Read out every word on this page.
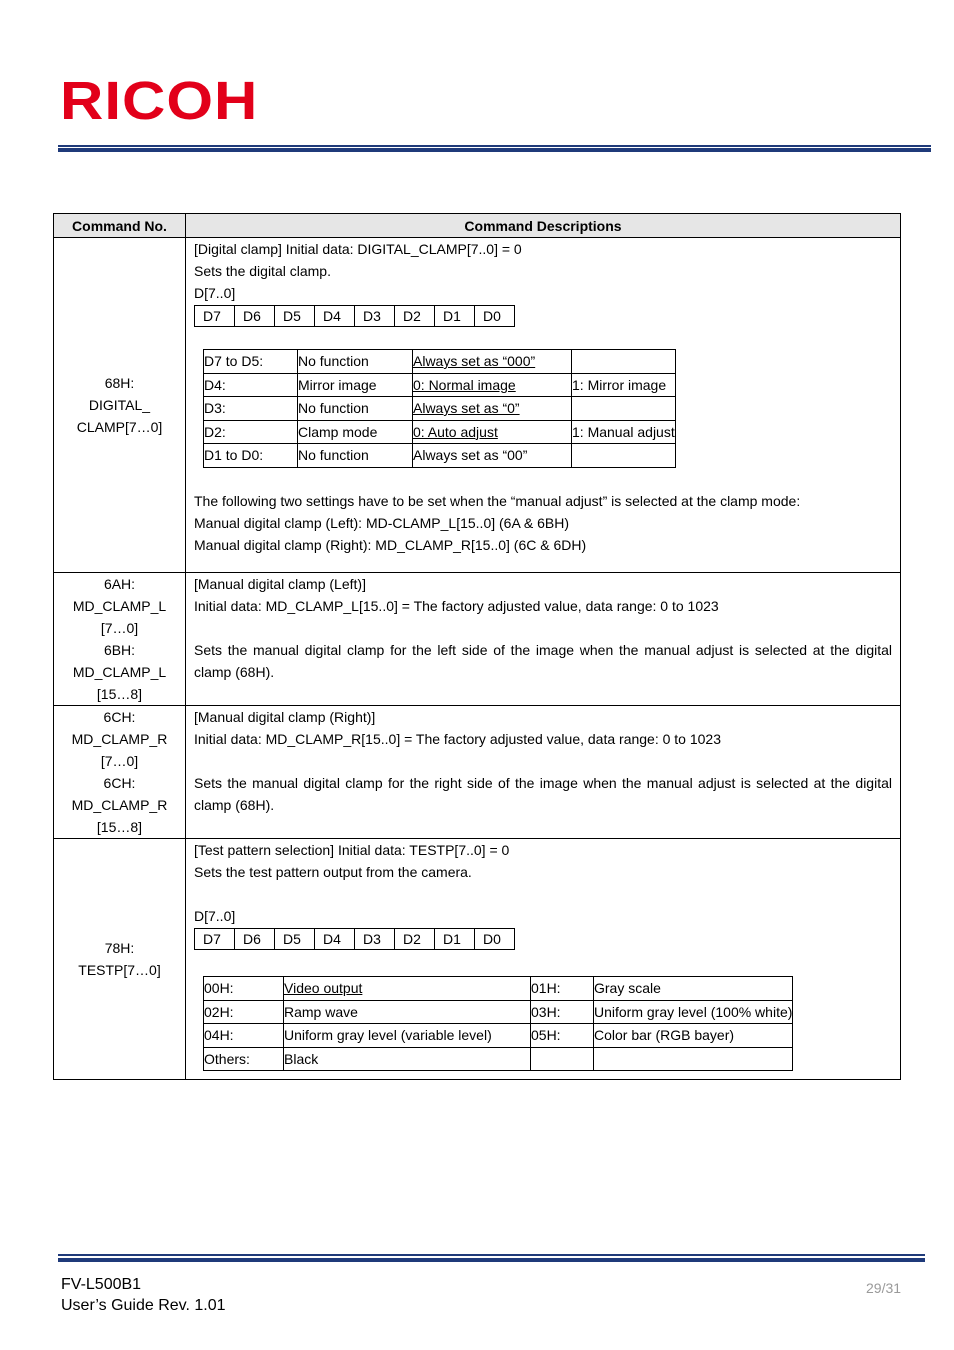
RICOH
Command No.	Command Descriptions

68H:
DIGITAL_
CLAMP[7…0]

[Digital clamp] Initial data: DIGITAL_CLAMP[7..0] = 0
Sets the digital clamp.
D[7..0]
D7	D6	D5	D4	D3	D2	D1	D0
D7 to D5:	No function	Always set as “000”	
D4:	Mirror image	0: Normal image	1: Mirror image
D3:	No function	Always set as “0”	
D2:	Clamp mode	0: Auto adjust	1: Manual adjust
D1 to D0:	No function	Always set as “00”	
The following two settings have to be set when the “manual adjust” is selected at the clamp mode:
Manual digital clamp (Left): MD-CLAMP_L[15..0] (6A & 6BH)
Manual digital clamp (Right): MD_CLAMP_R[15..0] (6C & 6DH)

6AH:
MD_CLAMP_L
[7…0]
6BH:
MD_CLAMP_L
[15…8]

[Manual digital clamp (Left)]
Initial data: MD_CLAMP_L[15..0] = The factory adjusted value, data range: 0 to 1023
Sets the manual digital clamp for the left side of the image when the manual adjust is selected at the digital clamp (68H).

6CH:
MD_CLAMP_R
[7…0]
6CH:
MD_CLAMP_R
[15…8]

[Manual digital clamp (Right)]
Initial data: MD_CLAMP_R[15..0] = The factory adjusted value, data range: 0 to 1023
Sets the manual digital clamp for the right side of the image when the manual adjust is selected at the digital clamp (68H).

78H:
TESTP[7…0]

[Test pattern selection] Initial data: TESTP[7..0] = 0
Sets the test pattern output from the camera.
D[7..0]
D7	D6	D5	D4	D3	D2	D1	D0
00H:	Video output	01H:	Gray scale
02H:	Ramp wave	03H:	Uniform gray level (100% white)
04H:	Uniform gray level (variable level)	05H:	Color bar (RGB bayer)
Others:	Black		
FV-L500B1
User’s Guide Rev. 1.01
29/31
